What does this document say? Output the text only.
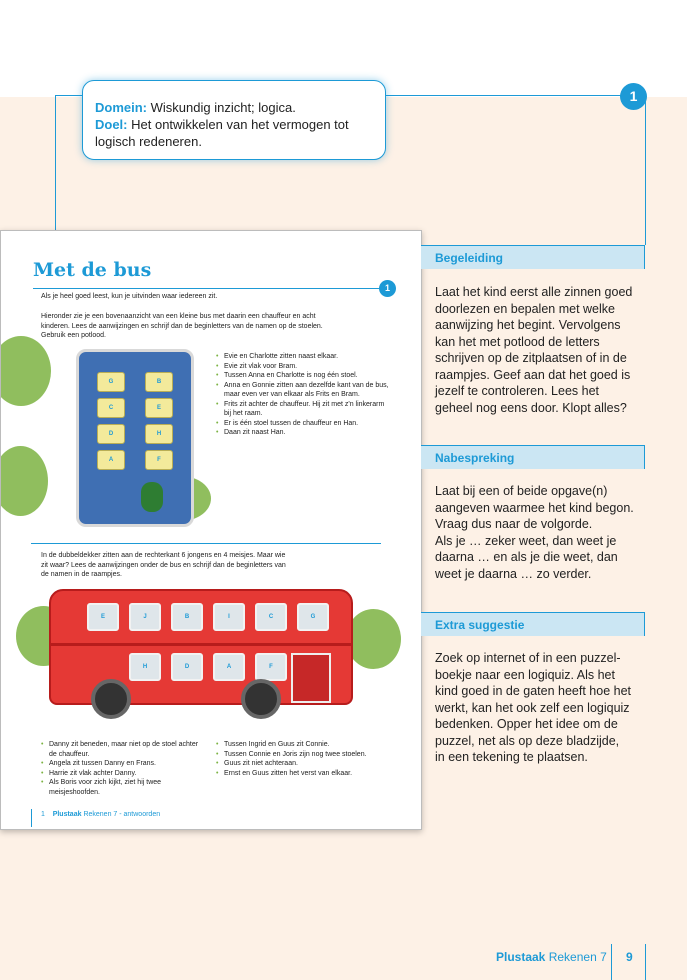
1
Domein: Wiskundig inzicht; logica.
Doel: Het ontwikkelen van het vermogen tot logisch redeneren.
Met de bus
1
Als je heel goed leest, kun je uitvinden waar iedereen zit.
Hieronder zie je een bovenaanzicht van een kleine bus met daarin een chauffeur en acht kinderen. Lees de aanwijzingen en schrijf dan de beginletters van de namen op de stoelen. Gebruik een potlood.
G	B
C	E
D	H
A	F
• Evie en Charlotte zitten naast elkaar.
• Evie zit vlak voor Bram.
• Tussen Anna en Charlotte is nog één stoel.
• Anna en Gonnie zitten aan dezelfde kant van de bus, maar even ver van elkaar als Frits en Bram.
• Frits zit achter de chauffeur. Hij zit met z'n linkerarm bij het raam.
• Er is één stoel tussen de chauffeur en Han.
• Daan zit naast Han.
In de dubbeldekker zitten aan de rechterkant 6 jongens en 4 meisjes. Maar wie zit waar? Lees de aanwijzingen onder de bus en schrijf dan de beginletters van de namen in de raampjes.
E	J	B	I	C	G
H	D	A	F
• Danny zit beneden, maar niet op de stoel achter de chauffeur.
• Angela zit tussen Danny en Frans.
• Harrie zit vlak achter Danny.
• Als Boris voor zich kijkt, ziet hij twee meisjeshoofden.
• Tussen Ingrid en Guus zit Connie.
• Tussen Connie en Joris zijn nog twee stoelen.
• Guus zit niet achteraan.
• Ernst en Guus zitten het verst van elkaar.
1 Plustaak Rekenen 7 - antwoorden
Begeleiding
Laat het kind eerst alle zinnen goed
doorlezen en bepalen met welke
aanwijzing het begint. Vervolgens
kan het met potlood de letters
schrijven op de zitplaatsen of in de
raampjes. Geef aan dat het goed is
jezelf te controleren. Lees het
geheel nog eens door. Klopt alles?
Nabespreking
Laat bij een of beide opgave(n)
aangeven waarmee het kind begon.
Vraag dus naar de volgorde.
Als je … zeker weet, dan weet je
daarna … en als je die weet, dan
weet je daarna … zo verder.
Extra suggestie
Zoek op internet of in een puzzel-
boekje naar een logiquiz. Als het
kind goed in de gaten heeft hoe het
werkt, kan het ook zelf een logiquiz
bedenken. Opper het idee om de
puzzel, net als op deze bladzijde,
in een tekening te plaatsen.
Plustaak Rekenen 7 9
